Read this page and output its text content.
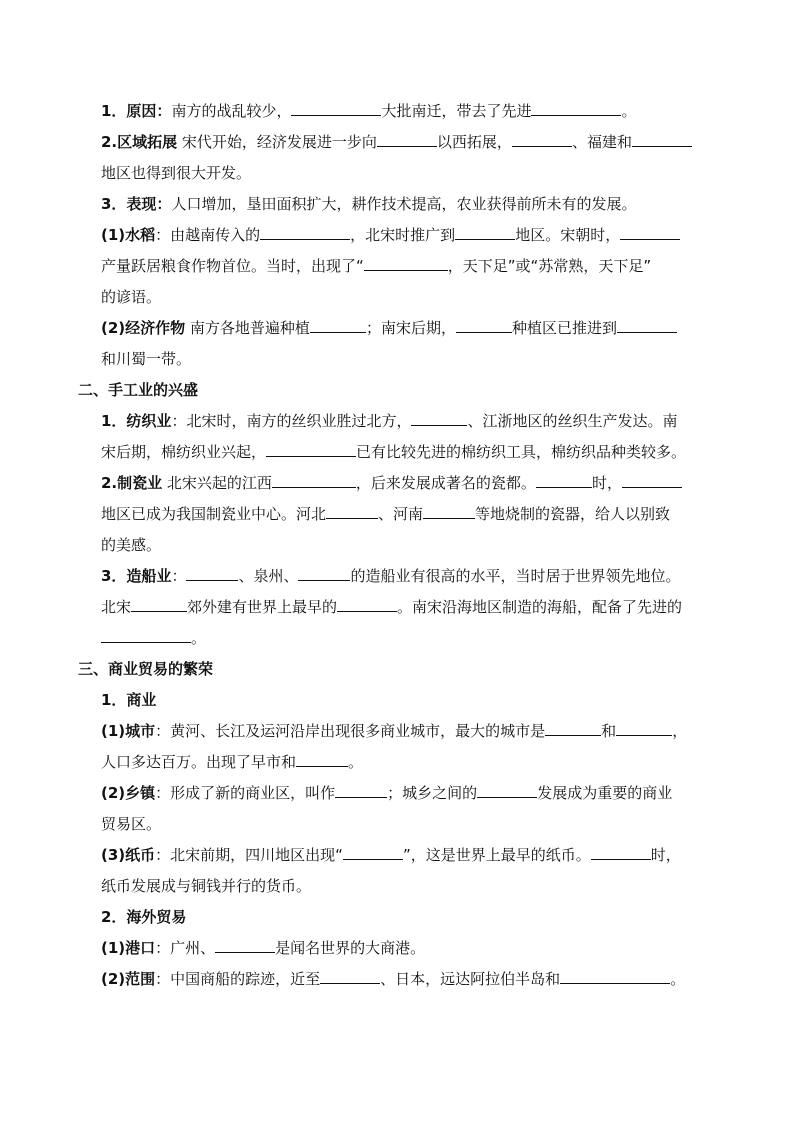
1．原因：南方的战乱较少，	大批南迁，带去了先进	。
2.区域拓展 宋代开始，经济发展进一步向	以西拓展，	、福建和
地区也得到很大开发。
3．表现：人口增加，垦田面积扩大，耕作技术提高，农业获得前所未有的发展。
(1)水稻：由越南传入的	，北宋时推广到	地区。宋朝时，
产量跃居粮食作物首位。当时，出现了“	，天下足”或“苏常熟，天下足”
的谚语。
(2)经济作物 南方各地普遍种植	；南宋后期，	种植区已推进到
和川蜀一带。
二、手工业的兴盛
1．纺织业：北宋时，南方的丝织业胜过北方，	、江浙地区的丝织生产发达。南
宋后期，棉纺织业兴起，	已有比较先进的棉纺织工具，棉纺织品种类较多。
2.制瓷业 北宋兴起的江西	，后来发展成著名的瓷都。	时，
地区已成为我国制瓷业中心。河北	、河南	等地烧制的瓷器，给人以别致
的美感。
3．造船业：	、泉州、	的造船业有很高的水平，当时居于世界领先地位。
北宋	郊外建有世界上最早的	。南宋沿海地区制造的海船，配备了先进的
。
三、商业贸易的繁荣
1．商业
(1)城市：黄河、长江及运河沿岸出现很多商业城市，最大的城市是	和	，
人口多达百万。出现了早市和	。
(2)乡镇：形成了新的商业区，叫作	；城乡之间的	发展成为重要的商业
贸易区。
(3)纸币：北宋前期，四川地区出现“	”，这是世界上最早的纸币。	时，
纸币发展成与铜钱并行的货币。
2．海外贸易
(1)港口：广州、	是闻名世界的大商港。
(2)范围：中国商船的踪迹，近至	、日本，远达阿拉伯半岛和	。
